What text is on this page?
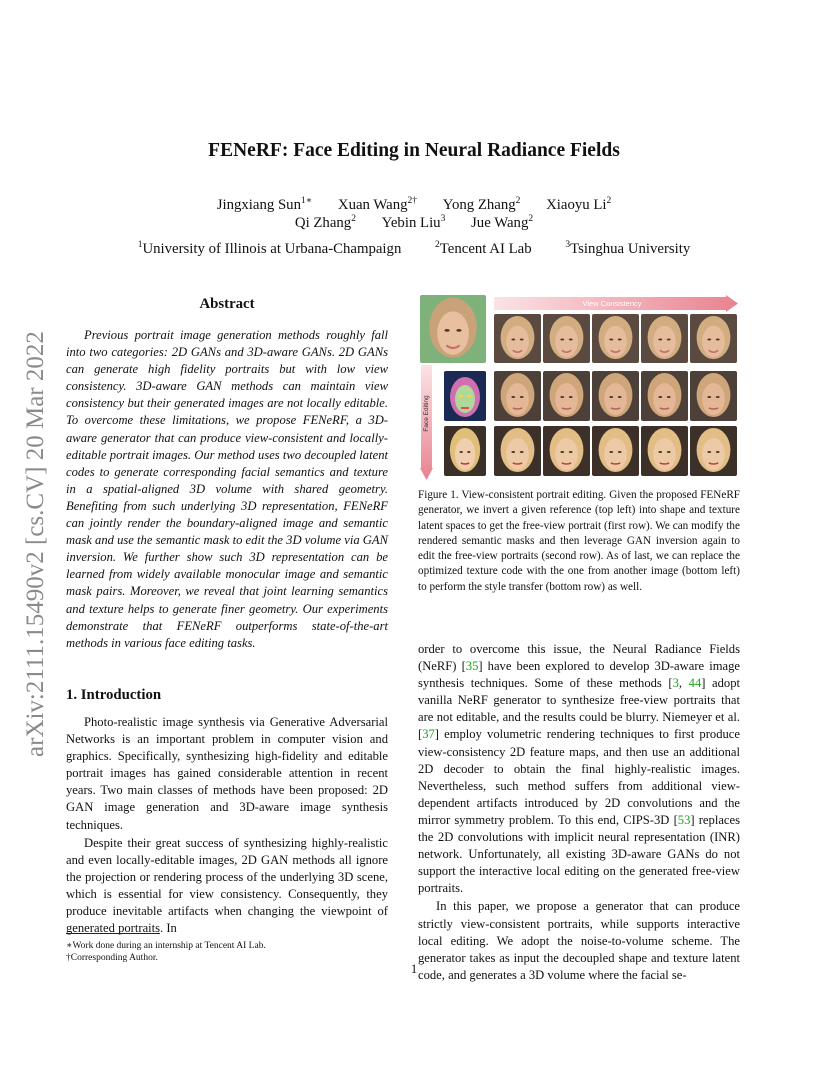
FENeRF: Face Editing in Neural Radiance Fields
Jingxiang Sun$^{1∗}$ Xuan Wang$^{2\dagger}$ Yong Zhang$^2$ Xiaoyu Li$^2$
Qi Zhang$^2$ Yebin Liu$^3$ Jue Wang$^2$
$^1$University of Illinois at Urbana-Champaign	$^2$Tencent AI Lab	$^3$Tsinghua University
arXiv:2111.15490v2 [cs.CV] 20 Mar 2022
Abstract
Previous portrait image generation methods roughly fall into two categories: 2D GANs and 3D-aware GANs. 2D GANs can generate high fidelity portraits but with low view consistency. 3D-aware GAN methods can maintain view consistency but their generated images are not locally editable. To overcome these limitations, we propose FENeRF, a 3D-aware generator that can produce view-consistent and locally-editable portrait images. Our method uses two decoupled latent codes to generate corresponding facial semantics and texture in a spatial-aligned 3D volume with shared geometry. Benefiting from such underlying 3D representation, FENeRF can jointly render the boundary-aligned image and semantic mask and use the semantic mask to edit the 3D volume via GAN inversion. We further show such 3D representation can be learned from widely available monocular image and semantic mask pairs. Moreover, we reveal that joint learning semantics and texture helps to generate finer geometry. Our experiments demonstrate that FENeRF outperforms state-of-the-art methods in various face editing tasks.
1. Introduction

Photo-realistic image synthesis via Generative Adversarial Networks is an important problem in computer vision and graphics. Specifically, synthesizing high-fidelity and editable portrait images has gained considerable attention in recent years. Two main classes of methods have been proposed: 2D GAN image generation and 3D-aware image synthesis techniques.

Despite their great success of synthesizing highly-realistic and even locally-editable images, 2D GAN methods all ignore the projection or rendering process of the underlying 3D scene, which is essential for view consistency. Consequently, they produce inevitable artifacts when changing the viewpoint of generated portraits. In

∗Work done during an internship at Tencent AI Lab.
†Corresponding Author.
View Consistency
Face Editing
Figure 1. View-consistent portrait editing. Given the proposed FENeRF generator, we invert a given reference (top left) into shape and texture latent spaces to get the free-view portrait (first row). We can modify the rendered semantic masks and then leverage GAN inversion again to edit the free-view portraits (second row). As of last, we can replace the optimized texture code with the one from another image (bottom left) to perform the style transfer (bottom row) as well.

order to overcome this issue, the Neural Radiance Fields (NeRF) [35] have been explored to develop 3D-aware image synthesis techniques. Some of these methods [3, 44] adopt vanilla NeRF generator to synthesize free-view portraits that are not editable, and the results could be blurry. Niemeyer et al. [37] employ volumetric rendering techniques to first produce view-consistency 2D feature maps, and then use an additional 2D decoder to obtain the final highly-realistic images. Nevertheless, such method suffers from additional view-dependent artifacts introduced by 2D convolutions and the mirror symmetry problem. To this end, CIPS-3D [53] replaces the 2D convolutions with implicit neural representation (INR) network. Unfortunately, all existing 3D-aware GANs do not support the interactive local editing on the generated free-view portraits.

In this paper, we propose a generator that can produce strictly view-consistent portraits, while supports interactive local editing. We adopt the noise-to-volume scheme. The generator takes as input the decoupled shape and texture latent code, and generates a 3D volume where the facial se-

1
